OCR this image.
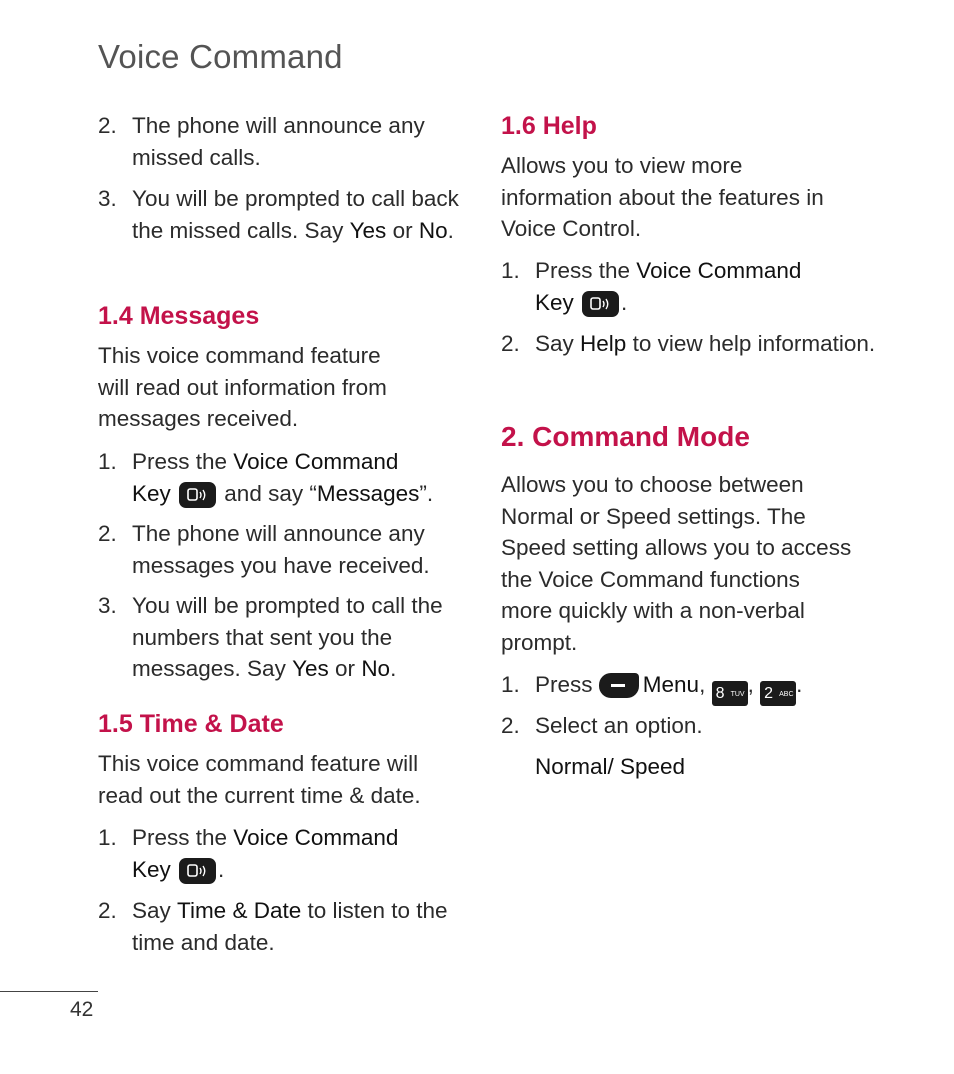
Voice Command
2. The phone will announce any missed calls.
3. You will be prompted to call back the missed calls. Say Yes or No.
1.4 Messages
This voice command feature
will read out information from
messages received.
1. Press the Voice Command
Key
and say “Messages”.
2. The phone will announce any messages you have received.
3. You will be prompted to call the numbers that sent you the messages. Say Yes or No.
1.5 Time & Date
This voice command feature will
read out the current time & date.
1. Press the Voice Command
Key .
2. Say Time & Date to listen to the time and date.
1.6 Help
Allows you to view more
information about the features in
Voice Control.
1. Press the Voice Command
Key .
2. Say Help to view help information.
2. Command Mode
Allows you to choose between
Normal or Speed settings. The
Speed setting allows you to access
the Voice Command functions
more quickly with a non-verbal
prompt.
1. Press Menu, 8 TUV , 2 ABC .
2. Select an option.
Normal/ Speed
42
